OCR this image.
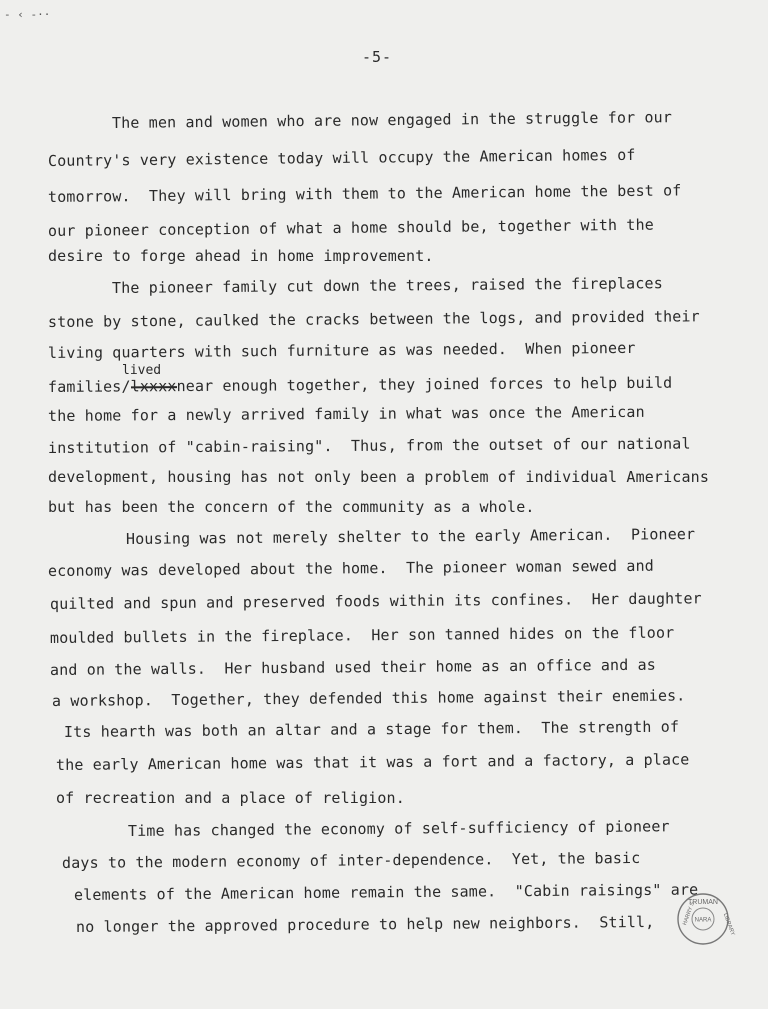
- ‹ -··
-5-
The men and women who are now engaged in the struggle for our
Country's very existence today will occupy the American homes of
tomorrow.  They will bring with them to the American home the best of
our pioneer conception of what a home should be, together with the
desire to forge ahead in home improvement.
The pioneer family cut down the trees, raised the fireplaces
stone by stone, caulked the cracks between the logs, and provided their
living quarters with such furniture as was needed.  When pioneer
lived
families/lxxxxnear enough together, they joined forces to help build
the home for a newly arrived family in what was once the American
institution of "cabin-raising".  Thus, from the outset of our national
development, housing has not only been a problem of individual Americans
but has been the concern of the community as a whole.
Housing was not merely shelter to the early American.  Pioneer
economy was developed about the home.  The pioneer woman sewed and
quilted and spun and preserved foods within its confines.  Her daughter
moulded bullets in the fireplace.  Her son tanned hides on the floor
and on the walls.  Her husband used their home as an office and as
a workshop.  Together, they defended this home against their enemies.
Its hearth was both an altar and a stage for them.  The strength of
the early American home was that it was a fort and a factory, a place
of recreation and a place of religion.
Time has changed the economy of self-sufficiency of pioneer
days to the modern economy of inter-dependence.  Yet, the basic
elements of the American home remain the same.  "Cabin raisings" are
no longer the approved procedure to help new neighbors.  Still,
TRUMAN
HARRY S.	LIBRARY
NARA
